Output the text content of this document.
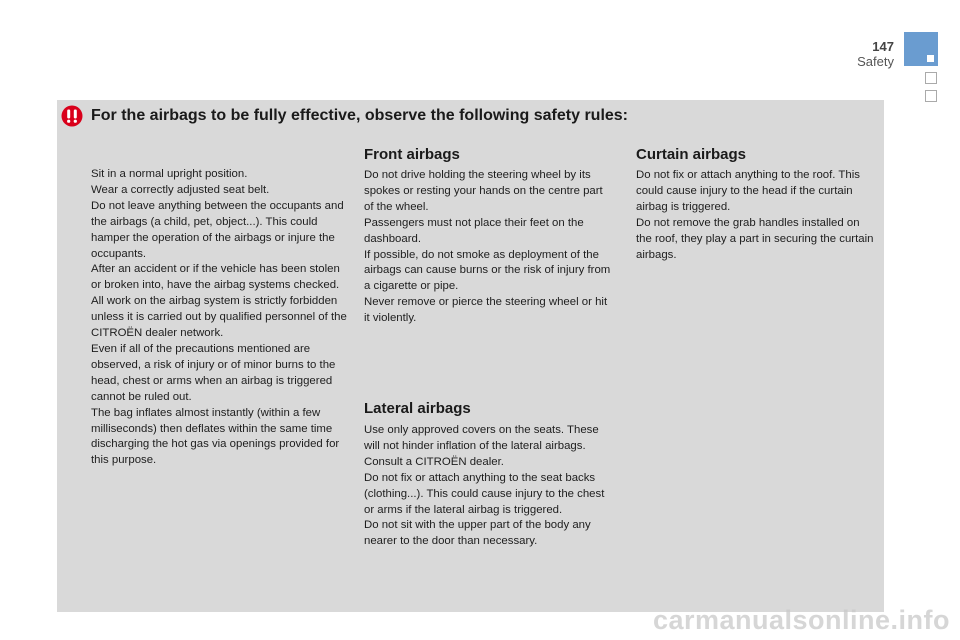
147
Safety
For the airbags to be fully effective, observe the following safety rules:

Sit in a normal upright position.

Wear a correctly adjusted seat belt.

Do not leave anything between the occupants and the airbags (a child, pet, object...). This could hamper the operation of the airbags or injure the occupants.

After an accident or if the vehicle has been stolen or broken into, have the airbag systems checked.

All work on the airbag system is strictly forbidden unless it is carried out by qualified personnel of the CITROËN dealer network.

Even if all of the precautions mentioned are observed, a risk of injury or of minor burns to the head, chest or arms when an airbag is triggered cannot be ruled out.

The bag inflates almost instantly (within a few milliseconds) then deflates within the same time discharging the hot gas via openings provided for this purpose.

Front airbags

Do not drive holding the steering wheel by its spokes or resting your hands on the centre part of the wheel.

Passengers must not place their feet on the dashboard.

If possible, do not smoke as deployment of the airbags can cause burns or the risk of injury from a cigarette or pipe.

Never remove or pierce the steering wheel or hit it violently.

Curtain airbags

Do not fix or attach anything to the roof. This could cause injury to the head if the curtain airbag is triggered.

Do not remove the grab handles installed on the roof, they play a part in securing the curtain airbags.

Lateral airbags

Use only approved covers on the seats. These will not hinder inflation of the lateral airbags. Consult a CITROËN dealer.

Do not fix or attach anything to the seat backs (clothing...). This could cause injury to the chest or arms if the lateral airbag is triggered.

Do not sit with the upper part of the body any nearer to the door than necessary.

carmanualsonline.info
